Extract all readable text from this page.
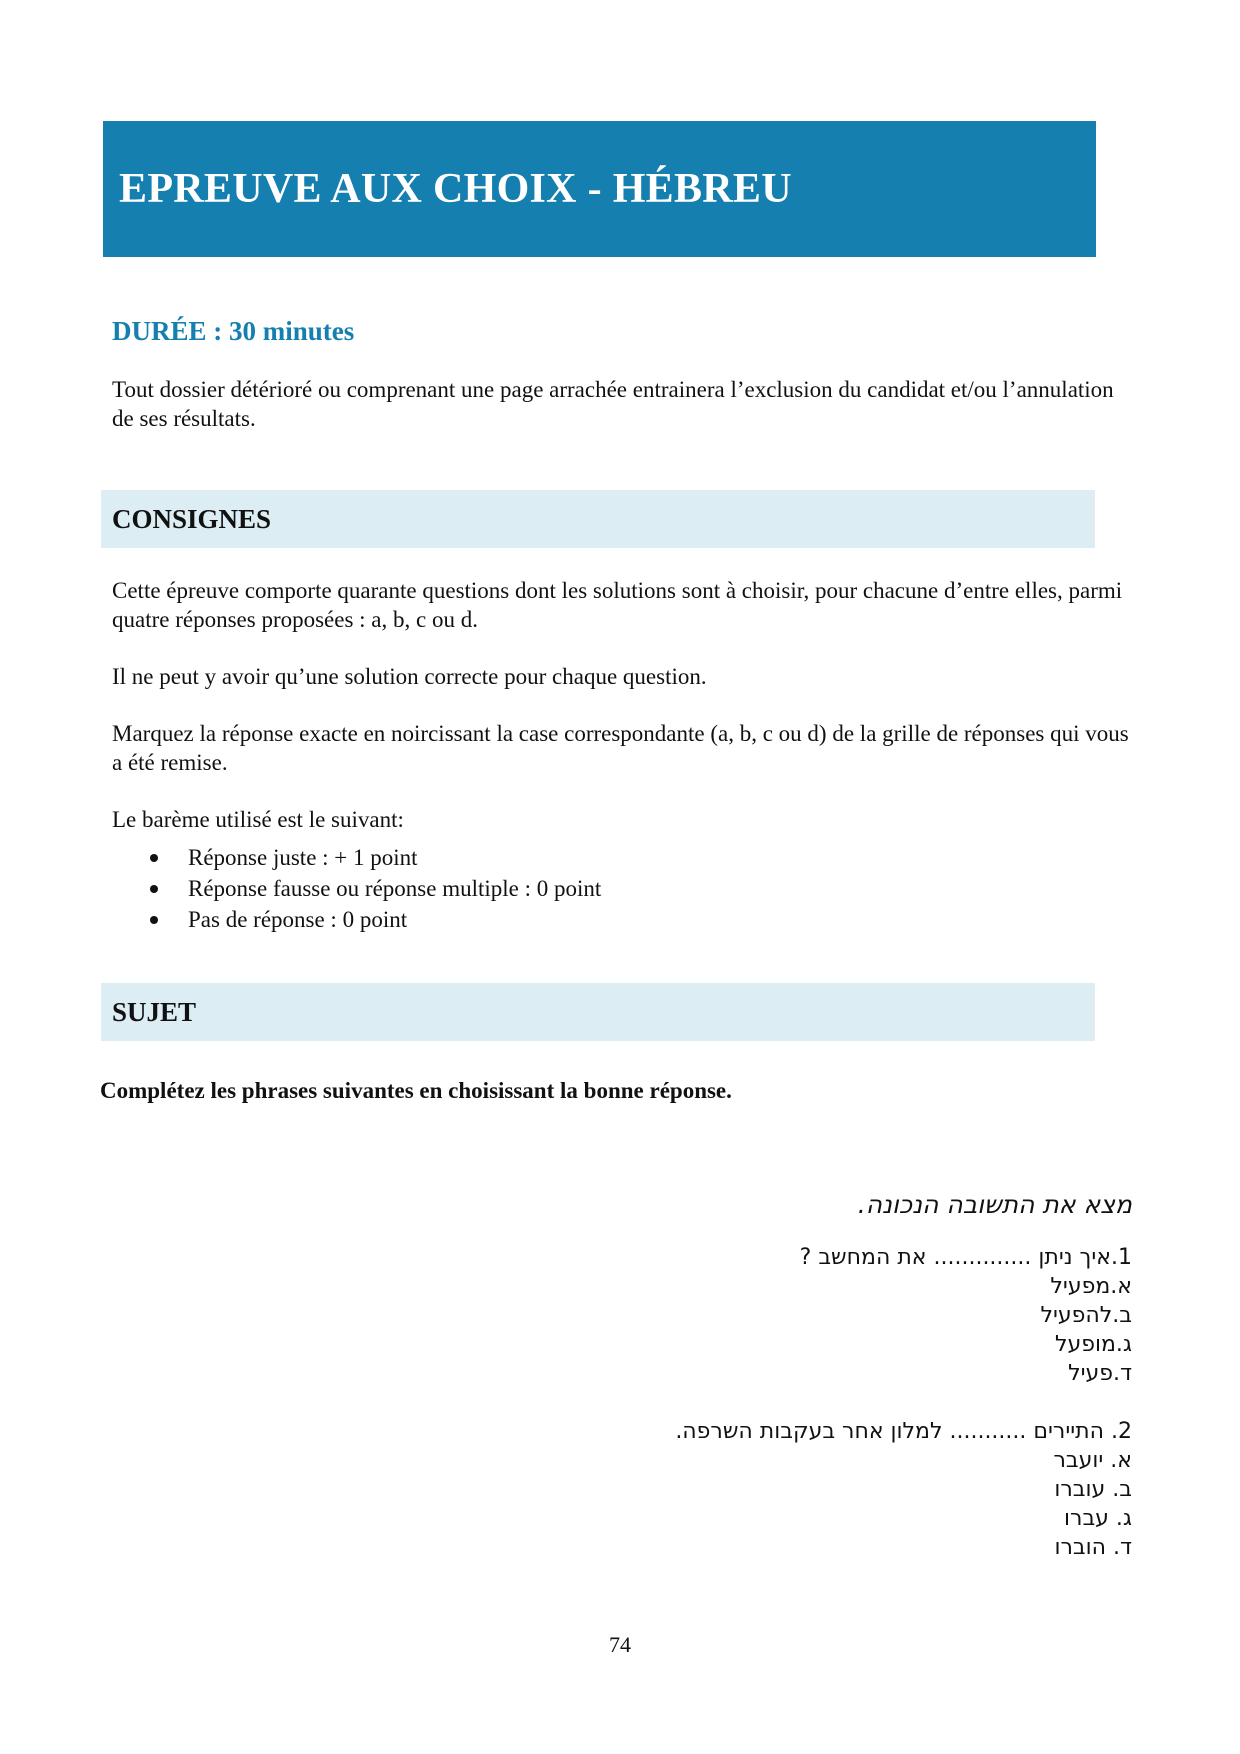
EPREUVE AUX CHOIX - HÉBREU
DURÉE : 30 minutes
Tout dossier détérioré ou comprenant une page arrachée entrainera l’exclusion du candidat et/ou l’annulation de ses résultats.
CONSIGNES
Cette épreuve comporte quarante questions dont les solutions sont à choisir, pour chacune d’entre elles, parmi quatre réponses proposées : a, b, c ou d.
Il ne peut y avoir qu’une solution correcte pour chaque question.
Marquez la réponse exacte en noircissant la case correspondante (a, b, c ou d) de la grille de réponses qui vous a été remise.
Le barème utilisé est le suivant:
Réponse juste : + 1 point
Réponse fausse ou réponse multiple : 0 point
Pas de réponse : 0 point
SUJET
Complétez les phrases suivantes en choisissant la bonne réponse.
מצא את התשובה הנכונה.

1.איך ניתן .............. את המחשב ?

א.מפעיל
ב.להפעיל
ג.מופעל
ד.פעיל

2. התיירים ........... למלון אחר בעקבות השרפה.

א. יועבר
ב. עוברו
ג. עברו
ד. הוברו
74
